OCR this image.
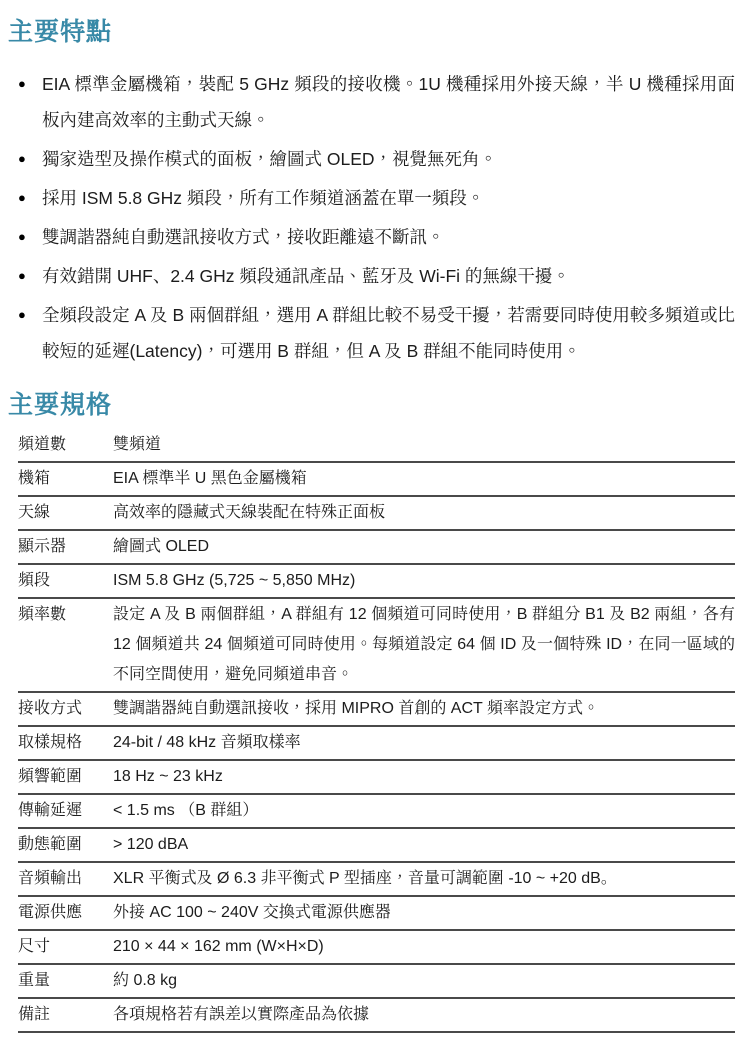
主要特點
● EIA 標準金屬機箱，裝配 5 GHz 頻段的接收機。1U 機種採用外接天線，半 U 機種採用面板內建高效率的主動式天線。
● 獨家造型及操作模式的面板，繪圖式 OLED，視覺無死角。
● 採用 ISM 5.8 GHz 頻段，所有工作頻道涵蓋在單一頻段。
● 雙調諧器純自動選訊接收方式，接收距離遠不斷訊。
● 有效錯開 UHF、2.4 GHz 頻段通訊產品、藍牙及 Wi-Fi 的無線干擾。
● 全頻段設定 A 及 B 兩個群組，選用 A 群組比較不易受干擾，若需要同時使用較多頻道或比較短的延遲(Latency)，可選用 B 群組，但 A 及 B 群組不能同時使用。
主要規格
頻道數	雙頻道
機箱	EIA 標準半 U 黑色金屬機箱
天線	高效率的隱藏式天線裝配在特殊正面板
顯示器	繪圖式 OLED
頻段	ISM 5.8 GHz (5,725 ~ 5,850 MHz)
頻率數	設定 A 及 B 兩個群組，A 群組有 12 個頻道可同時使用，B 群組分 B1 及 B2 兩組，各有 12 個頻道共 24 個頻道可同時使用。每頻道設定 64 個 ID 及一個特殊 ID，在同一區域的不同空間使用，避免同頻道串音。
接收方式	雙調諧器純自動選訊接收，採用 MIPRO 首創的 ACT 頻率設定方式。
取樣規格	24-bit / 48 kHz 音頻取樣率
頻響範圍	18 Hz ~ 23 kHz
傳輸延遲	< 1.5 ms （B 群組）
動態範圍	> 120 dBA
音頻輸出	XLR 平衡式及 Ø 6.3 非平衡式 P 型插座，音量可調範圍 -10 ~ +20 dB。
電源供應	外接 AC 100 ~ 240V 交換式電源供應器
尺寸	210 × 44 × 162 mm (W×H×D)
重量	約 0.8 kg
備註	各項規格若有誤差以實際產品為依據
